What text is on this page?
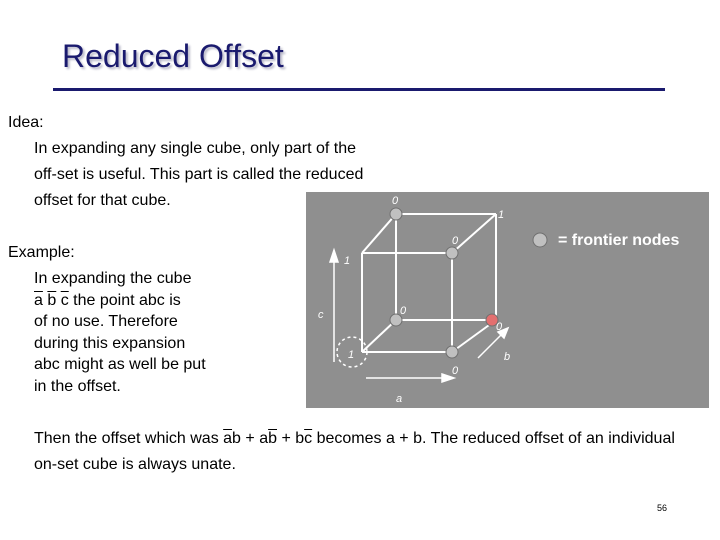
Reduced Offset
Idea:
In expanding any single cube, only part of the off-set is useful. This part is called the reduced offset for that cube.
Example:
In expanding the cube
$\overline{a}$ $\overline{b}$ $\overline{c}$ the point abc is
of no use. Therefore
during this expansion
abc might as well be put
in the offset.
0
1
0
1
0
0
0
1
c
a
b
= frontier nodes
Then the offset which was $\overline{a}b + a\overline{b} + b\overline{c}$ becomes a + b. The reduced offset of an individual on-set cube is always unate.
56
